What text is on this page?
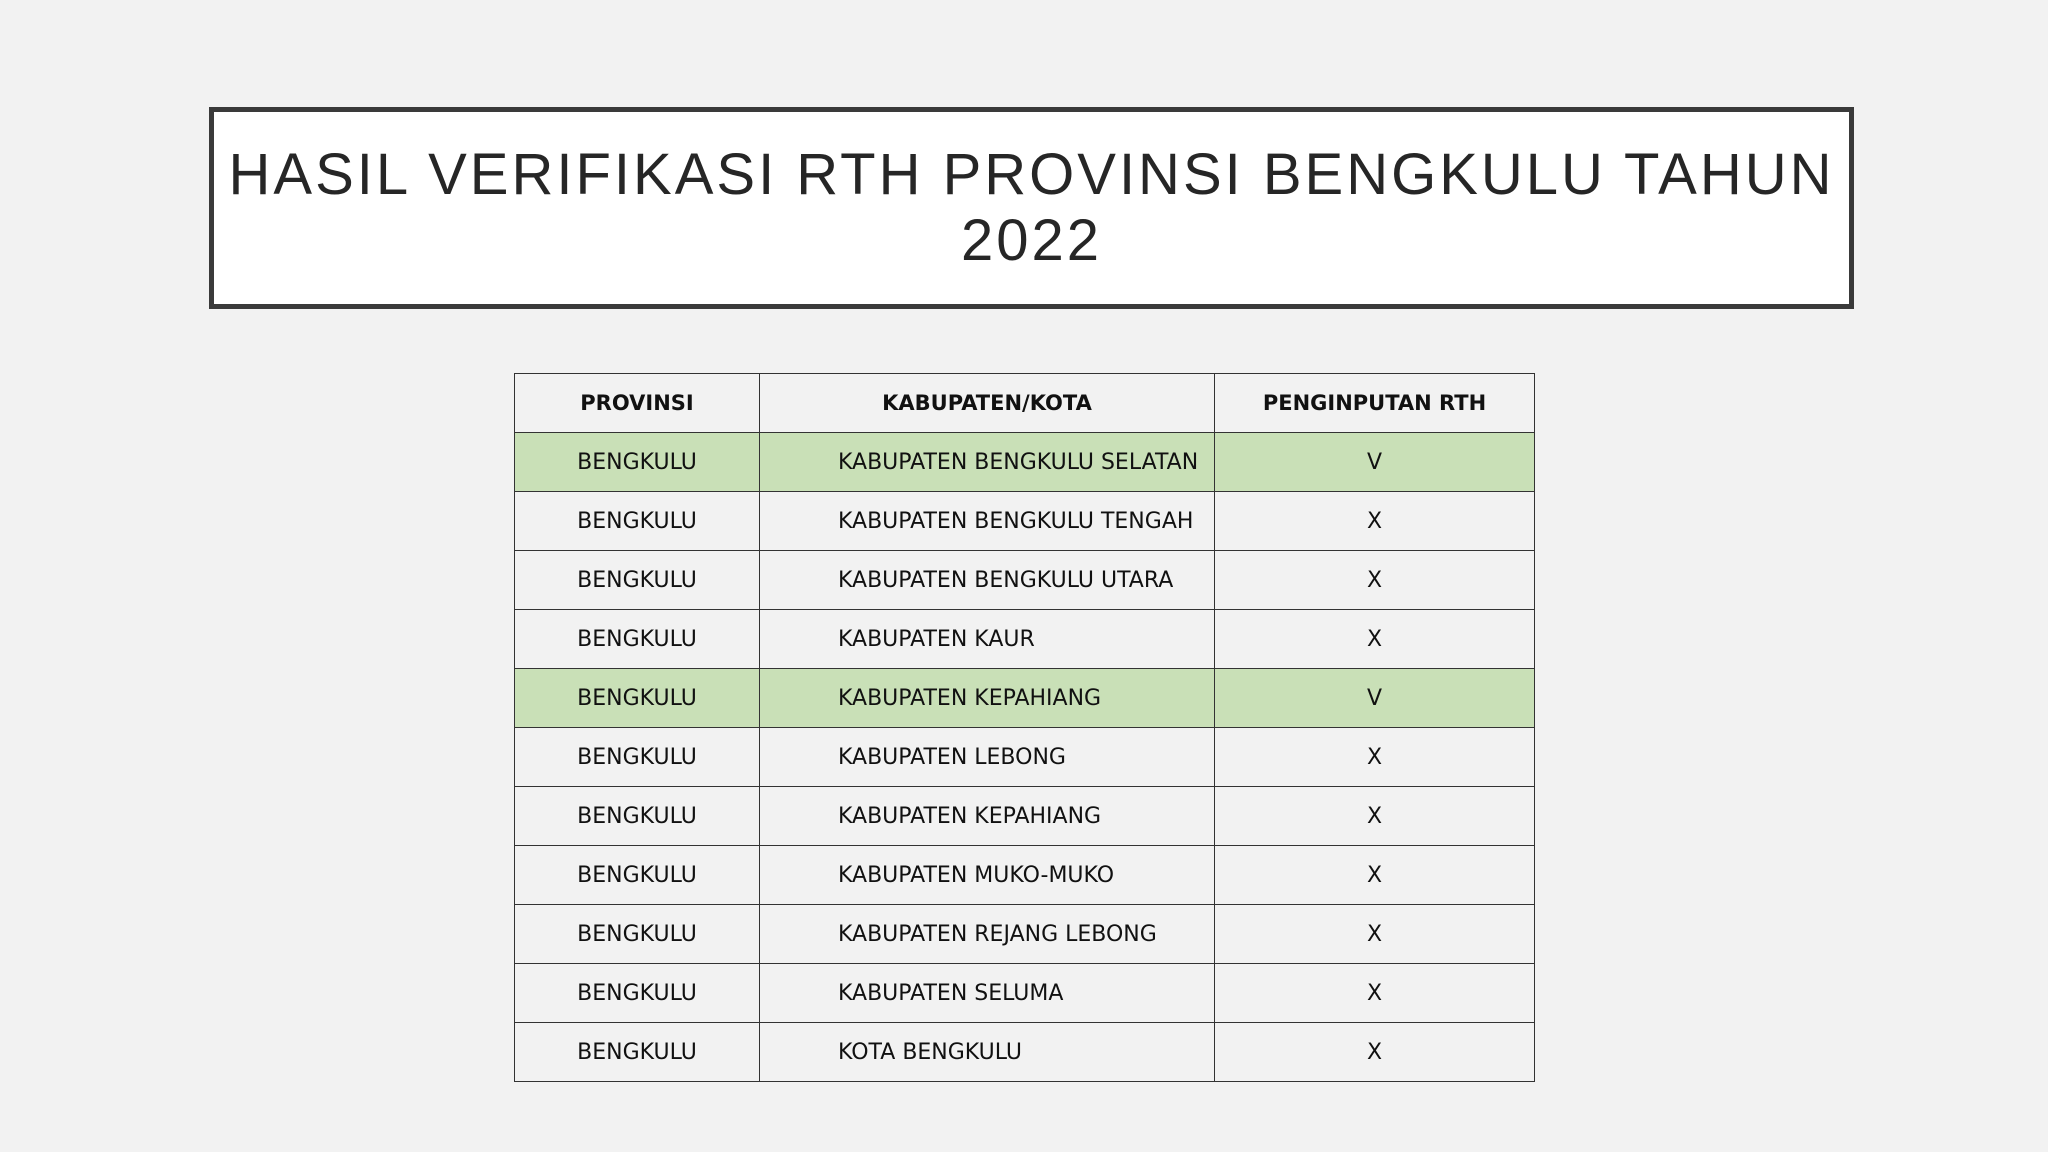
HASIL VERIFIKASI RTH PROVINSI BENGKULU TAHUN
2022
PROVINSI	KABUPATEN/KOTA	PENGINPUTAN RTH
BENGKULU	KABUPATEN BENGKULU SELATAN	V
BENGKULU	KABUPATEN BENGKULU TENGAH	X
BENGKULU	KABUPATEN BENGKULU UTARA	X
BENGKULU	KABUPATEN KAUR	X
BENGKULU	KABUPATEN KEPAHIANG	V
BENGKULU	KABUPATEN LEBONG	X
BENGKULU	KABUPATEN KEPAHIANG	X
BENGKULU	KABUPATEN MUKO-MUKO	X
BENGKULU	KABUPATEN REJANG LEBONG	X
BENGKULU	KABUPATEN SELUMA	X
BENGKULU	KOTA BENGKULU	X
